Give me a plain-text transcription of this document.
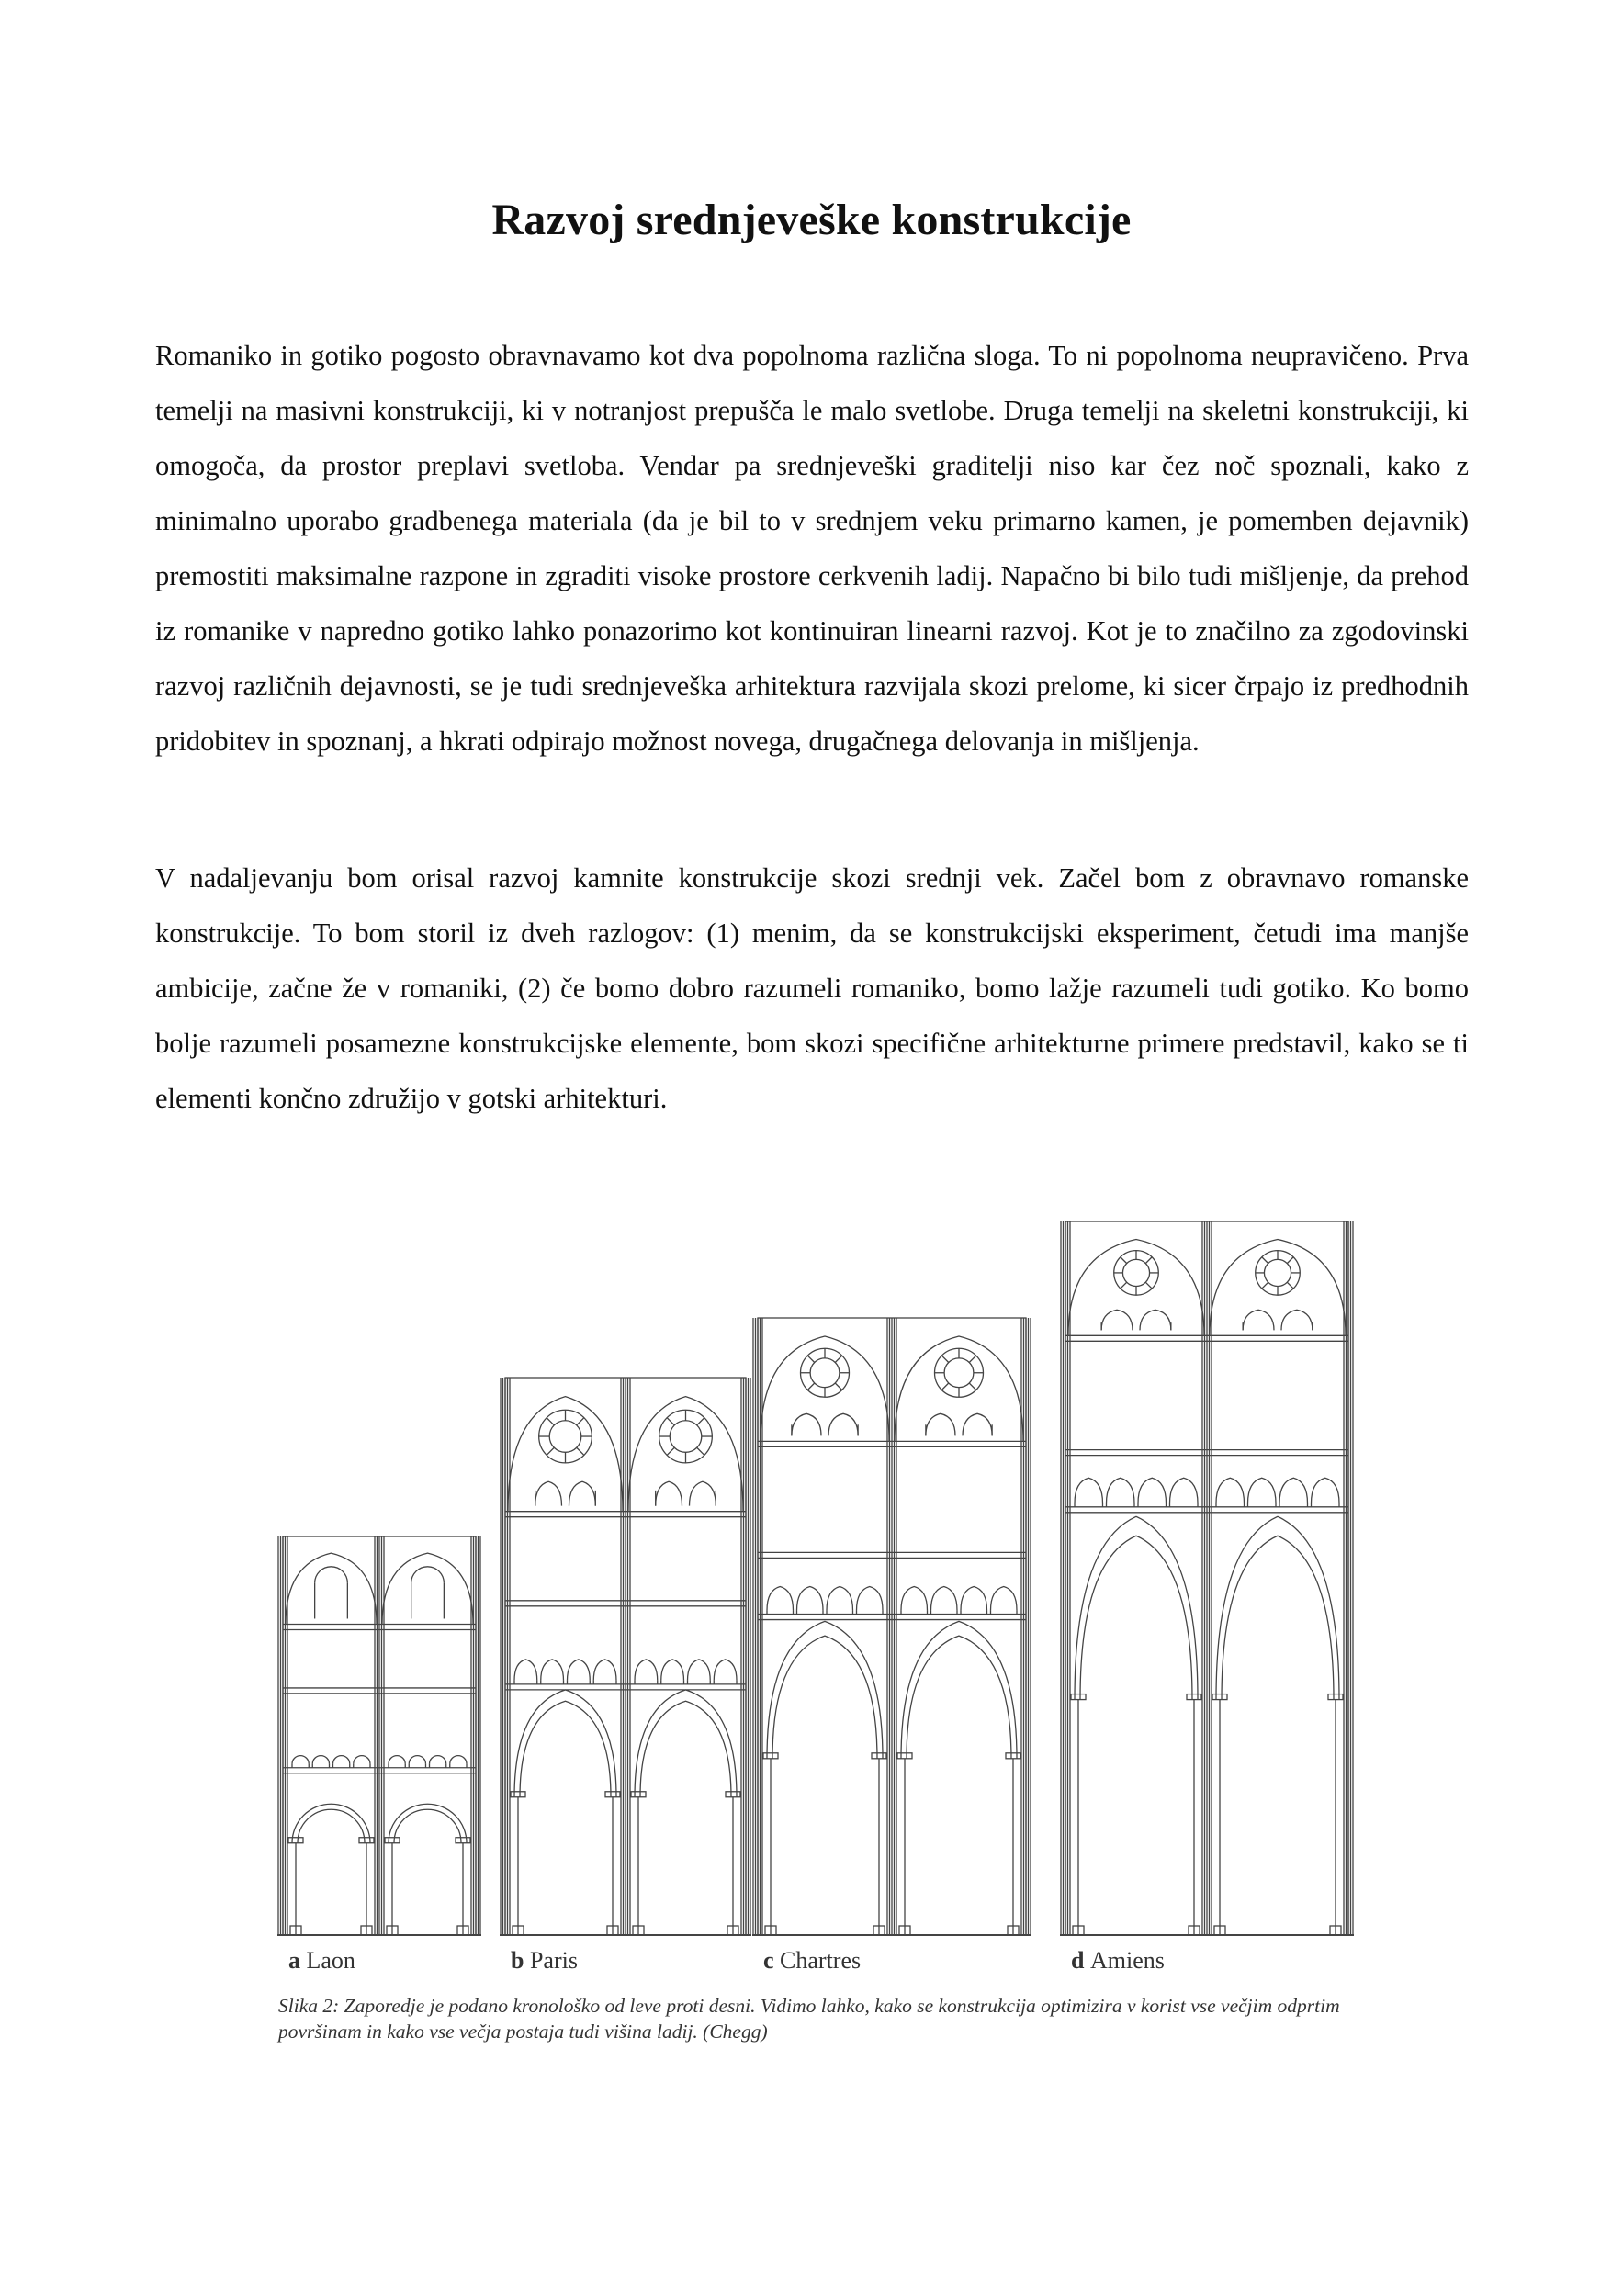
Razvoj srednjeveške konstrukcije

Romaniko in gotiko pogosto obravnavamo kot dva popolnoma različna sloga. To ni popolnoma neupravičeno. Prva temelji na masivni konstrukciji, ki v notranjost prepušča le malo svetlobe. Druga temelji na skeletni konstrukciji, ki omogoča, da prostor preplavi svetloba. Vendar pa srednjeveški graditelji niso kar čez noč spoznali, kako z minimalno uporabo gradbenega materiala (da je bil to v srednjem veku primarno kamen, je pomemben dejavnik) premostiti maksimalne razpone in zgraditi visoke prostore cerkvenih ladij. Napačno bi bilo tudi mišljenje, da prehod iz romanike v napredno gotiko lahko ponazorimo kot kontinuiran linearni razvoj. Kot je to značilno za zgodovinski razvoj različnih dejavnosti, se je tudi srednjeveška arhitektura razvijala skozi prelome, ki sicer črpajo iz predhodnih pridobitev in spoznanj, a hkrati odpirajo možnost novega, drugačnega delovanja in mišljenja.

V nadaljevanju bom orisal razvoj kamnite konstrukcije skozi srednji vek. Začel bom z obravnavo romanske konstrukcije. To bom storil iz dveh razlogov: (1) menim, da se konstrukcijski eksperiment, četudi ima manjše ambicije, začne že v romaniki, (2) če bomo dobro razumeli romaniko, bomo lažje razumeli tudi gotiko. Ko bomo bolje razumeli posamezne konstrukcijske elemente, bom skozi specifične arhitekturne primere predstavil, kako se ti elementi končno združijo v gotski arhitekturi.

a Laon	b Paris	c Chartres	d Amiens

Slika 2: Zaporedje je podano kronološko od leve proti desni. Vidimo lahko, kako se konstrukcija optimizira v korist vse večjim odprtim površinam in kako vse večja postaja tudi višina ladij. (Chegg)
